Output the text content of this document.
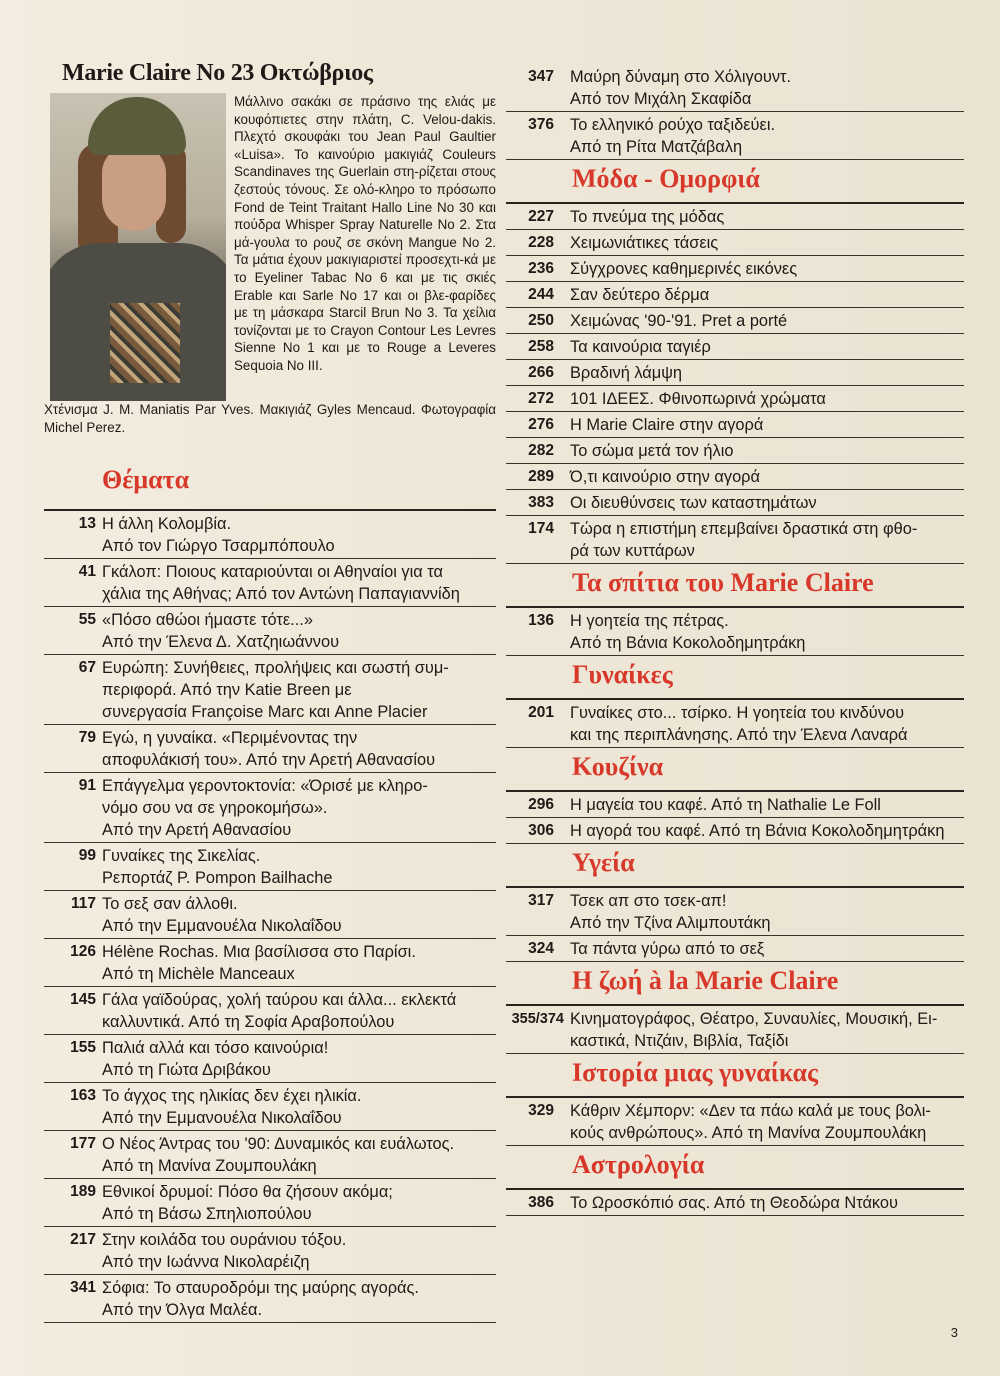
Marie Claire No 23 Οκτώβριος
Μάλλινο σακάκι σε πράσινο της ελιάς με κουφόπιετες στην πλάτη, C. Velou-dakis. Πλεχτό σκουφάκι του Jean Paul Gaultier «Luisa». Το καινούριο μακιγιάζ Couleurs Scandinaves της Guerlain στη-ρίζεται στους ζεστούς τόνους. Σε ολό-κληρο το πρόσωπο Fond de Teint Traitant Hallo Line No 30 και πούδρα Whisper Spray Naturelle No 2. Στα μά-γουλα το ρουζ σε σκόνη Mangue No 2. Τα μάτια έχουν μακιγιαριστεί προσεχτι-κά με το Eyeliner Tabac No 6 και με τις σκιές Erable και Sarle No 17 και οι βλε-φαρίδες με τη μάσκαρα Starcil Brun No 3. Τα χείλια τονίζονται με το Crayon Contour Les Levres Sienne No 1 και με το Rouge a Leveres Sequoia No III.
Χτένισμα J. M. Maniatis Par Yves. Μακιγιάζ Gyles Mencaud. Φωτογραφία Michel Perez.
Θέματα
13 Η άλλη Κολομβία.
Από τον Γιώργο Τσαρμπόπουλο
41 Γκάλοπ: Ποιους καταριούνται οι Αθηναίοι για τα
χάλια της Αθήνας; Από τον Αντώνη Παπαγιαννίδη
55 «Πόσο αθώοι ήμαστε τότε...»
Από την Έλενα Δ. Χατζηιωάννου
67 Ευρώπη: Συνήθειες, προλήψεις και σωστή συμ-
περιφορά. Από την Katie Breen με
συνεργασία Françoise Marc και Anne Placier
79 Εγώ, η γυναίκα. «Περιμένοντας την
αποφυλάκισή του». Από την Αρετή Αθανασίου
91 Επάγγελμα γεροντοκτονία: «Όρισέ με κληρο-
νόμο σου να σε γηροκομήσω».
Από την Αρετή Αθανασίου
99 Γυναίκες της Σικελίας.
Ρεπορτάζ P. Pompon Bailhache
117 Το σεξ σαν άλλοθι.
Από την Εμμανουέλα Νικολαΐδου
126 Hélène Rochas. Μια βασίλισσα στο Παρίσι.
Από τη Michèle Manceaux
145 Γάλα γαϊδούρας, χολή ταύρου και άλλα... εκλεκτά
καλλυντικά. Από τη Σοφία Αραβοπούλου
155 Παλιά αλλά και τόσο καινούρια!
Από τη Γιώτα Δριβάκου
163 Το άγχος της ηλικίας δεν έχει ηλικία.
Από την Εμμανουέλα Νικολαΐδου
177 Ο Νέος Άντρας του '90: Δυναμικός και ευάλωτος.
Από τη Μανίνα Ζουμπουλάκη
189 Εθνικοί δρυμοί: Πόσο θα ζήσουν ακόμα;
Από τη Βάσω Σπηλιοπούλου
217 Στην κοιλάδα του ουράνιου τόξου.
Από την Ιωάννα Νικολαρέιζη
341 Σόφια: Το σταυροδρόμι της μαύρης αγοράς.
Από την Όλγα Μαλέα.
347 Μαύρη δύναμη στο Χόλιγουντ.
Από τον Μιχάλη Σκαφίδα
376 Το ελληνικό ρούχο ταξιδεύει.
Από τη Ρίτα Ματζάβαλη
Μόδα - Ομορφιά
227 Το πνεύμα της μόδας
228 Χειμωνιάτικες τάσεις
236 Σύγχρονες καθημερινές εικόνες
244 Σαν δεύτερο δέρμα
250 Χειμώνας '90-'91. Pret a porté
258 Τα καινούρια ταγιέρ
266 Βραδινή λάμψη
272 101 ΙΔΕΕΣ. Φθινοπωρινά χρώματα
276 Η Marie Claire στην αγορά
282 Το σώμα μετά τον ήλιο
289 Ό,τι καινούριο στην αγορά
383 Οι διευθύνσεις των καταστημάτων
174 Τώρα η επιστήμη επεμβαίνει δραστικά στη φθο-
ρά των κυττάρων
Τα σπίτια του Marie Claire
136 Η γοητεία της πέτρας.
Από τη Βάνια Κοκολοδημητράκη
Γυναίκες
201 Γυναίκες στο... τσίρκο. Η γοητεία του κινδύνου
και της περιπλάνησης. Από την Έλενα Λαναρά
Κουζίνα
296 Η μαγεία του καφέ. Από τη Nathalie Le Foll
306 Η αγορά του καφέ. Από τη Βάνια Κοκολοδημητράκη
Υγεία
317 Τσεκ απ στο τσεκ-απ!
Από την Τζίνα Αλιμπουτάκη
324 Τα πάντα γύρω από το σεξ
Η ζωή à la Marie Claire
355/374 Κινηματογράφος, Θέατρο, Συναυλίες, Μουσική, Ει-
καστικά, Ντιζάιν, Βιβλία, Ταξίδι
Ιστορία μιας γυναίκας
329 Κάθριν Χέμπορν: «Δεν τα πάω καλά με τους βολι-
κούς ανθρώπους». Από τη Μανίνα Ζουμπουλάκη
Αστρολογία
386 Το Ωροσκόπιό σας. Από τη Θεοδώρα Ντάκου
3
